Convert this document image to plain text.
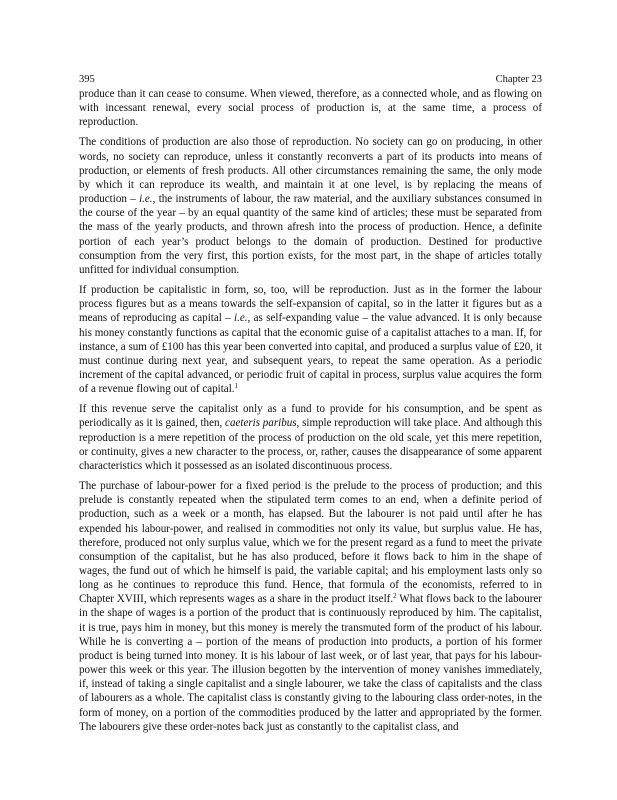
395	Chapter 23

produce than it can cease to consume. When viewed, therefore, as a connected whole, and as flowing on with incessant renewal, every social process of production is, at the same time, a process of reproduction.

The conditions of production are also those of reproduction. No society can go on producing, in other words, no society can reproduce, unless it constantly reconverts a part of its products into means of production, or elements of fresh products. All other circumstances remaining the same, the only mode by which it can reproduce its wealth, and maintain it at one level, is by replacing the means of production – i.e., the instruments of labour, the raw material, and the auxiliary substances consumed in the course of the year – by an equal quantity of the same kind of articles; these must be separated from the mass of the yearly products, and thrown afresh into the process of production. Hence, a definite portion of each year’s product belongs to the domain of production. Destined for productive consumption from the very first, this portion exists, for the most part, in the shape of articles totally unfitted for individual consumption.

If production be capitalistic in form, so, too, will be reproduction. Just as in the former the labour process figures but as a means towards the self-expansion of capital, so in the latter it figures but as a means of reproducing as capital – i.e., as self-expanding value – the value advanced. It is only because his money constantly functions as capital that the economic guise of a capitalist attaches to a man. If, for instance, a sum of £100 has this year been converted into capital, and produced a surplus value of £20, it must continue during next year, and subsequent years, to repeat the same operation. As a periodic increment of the capital advanced, or periodic fruit of capital in process, surplus value acquires the form of a revenue flowing out of capital.$^1$

If this revenue serve the capitalist only as a fund to provide for his consumption, and be spent as periodically as it is gained, then, caeteris paribus, simple reproduction will take place. And although this reproduction is a mere repetition of the process of production on the old scale, yet this mere repetition, or continuity, gives a new character to the process, or, rather, causes the disappearance of some apparent characteristics which it possessed as an isolated discontinuous process.

The purchase of labour-power for a fixed period is the prelude to the process of production; and this prelude is constantly repeated when the stipulated term comes to an end, when a definite period of production, such as a week or a month, has elapsed. But the labourer is not paid until after he has expended his labour-power, and realised in commodities not only its value, but surplus value. He has, therefore, produced not only surplus value, which we for the present regard as a fund to meet the private consumption of the capitalist, but he has also produced, before it flows back to him in the shape of wages, the fund out of which he himself is paid, the variable capital; and his employment lasts only so long as he continues to reproduce this fund. Hence, that formula of the economists, referred to in Chapter XVIII, which represents wages as a share in the product itself.$^2$ What flows back to the labourer in the shape of wages is a portion of the product that is continuously reproduced by him. The capitalist, it is true, pays him in money, but this money is merely the transmuted form of the product of his labour. While he is converting a – portion of the means of production into products, a portion of his former product is being turned into money. It is his labour of last week, or of last year, that pays for his labour-power this week or this year. The illusion begotten by the intervention of money vanishes immediately, if, instead of taking a single capitalist and a single labourer, we take the class of capitalists and the class of labourers as a whole. The capitalist class is constantly giving to the labouring class order-notes, in the form of money, on a portion of the commodities produced by the latter and appropriated by the former. The labourers give these order-notes back just as constantly to the capitalist class, and
